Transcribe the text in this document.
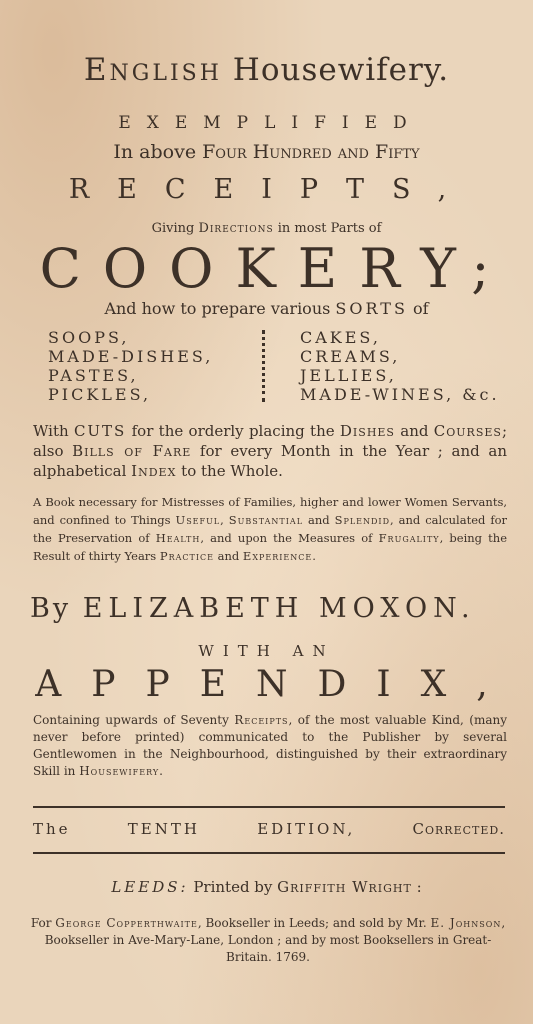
English Housewifery.
EXEMPLIFIED
In above Four Hundred and Fifty
RECEIPTS,
Giving Directions in most Parts of
COOKERY;
And how to prepare various SORTS of
SOOPS,
MADE-DISHES,
PASTES,
PICKLES,
CAKES,
CREAMS,
JELLIES,
MADE-WINES, &c.
With CUTS for the orderly placing the Dishes and Courses; also Bills of Fare for every Month in the Year ; and an alphabetical Index to the Whole.
A Book necessary for Mistresses of Families, higher and lower Women Servants, and confined to Things Useful, Substantial and Splendid, and calculated for the Preservation of Health, and upon the Measures of Frugality, being the Result of thirty Years Practice and Experience.
By ELIZABETH MOXON.
WITH AN
APPENDIX,
Containing upwards of Seventy Receipts, of the most valuable Kind, (many never before printed) communicated to the Publisher by several Gentlewomen in the Neighbourhood, distinguished by their extraordinary Skill in Housewifery.
The	TENTH	EDITION,	Corrected.
LEEDS: Printed by Griffith Wright :
For George Copperthwaite, Bookseller in Leeds; and sold by Mr. E. Johnson, Bookseller in Ave-Mary-Lane, London ; and by most Booksellers in Great-Britain. 1769.
